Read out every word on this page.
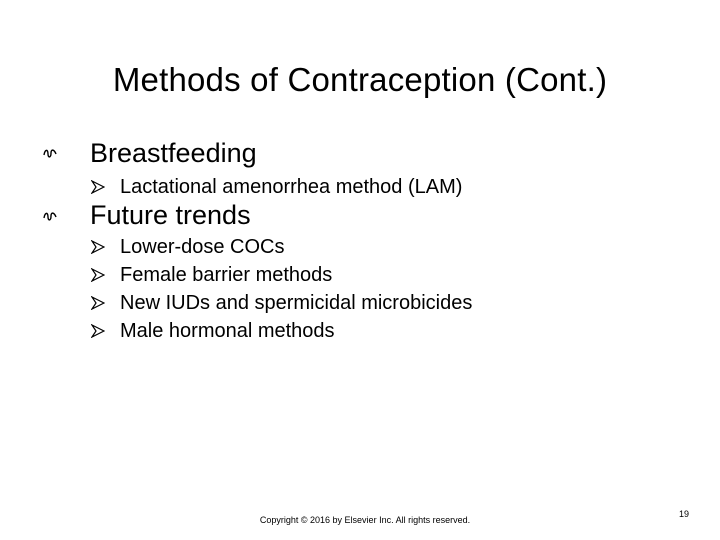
Methods of Contraception (Cont.)
Breastfeeding
Lactational amenorrhea method (LAM)
Future trends
Lower-dose COCs
Female barrier methods
New IUDs and spermicidal microbicides
Male hormonal methods
Copyright © 2016 by Elsevier Inc. All rights reserved.
19
